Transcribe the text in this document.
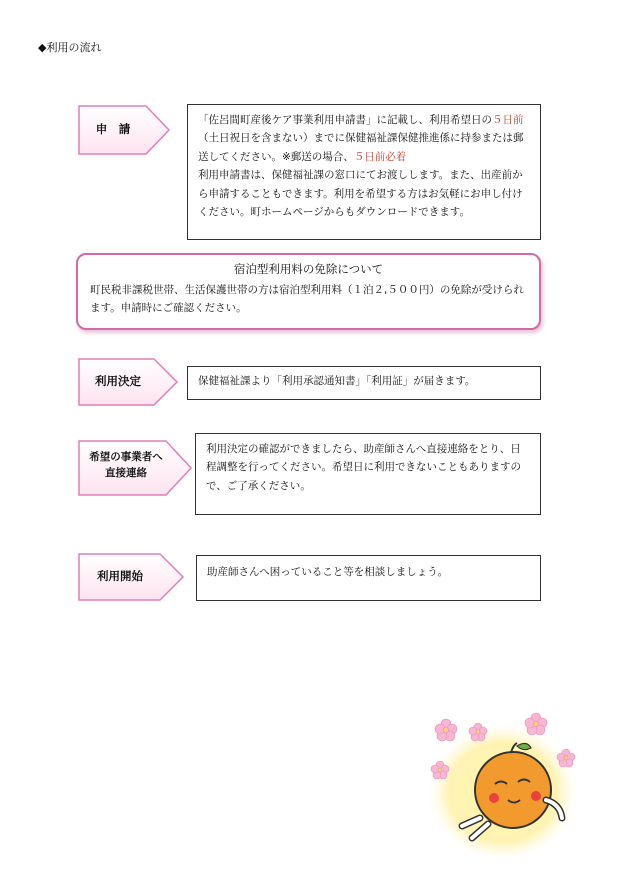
◆利用の流れ
申　請
「佐呂間町産後ケア事業利用申請書」に記載し、利用希望日の５日前（土日祝日を含まない）までに保健福祉課保健推進係に持参または郵送してください。※郵送の場合、５日前必着
利用申請書は、保健福祉課の窓口にてお渡しします。また、出産前から申請することもできます。利用を希望する方はお気軽にお申し付けください。町ホームページからもダウンロードできます。
宿泊型利用料の免除について
町民税非課税世帯、生活保護世帯の方は宿泊型利用料（１泊２,５００円）の免除が受けられます。申請時にご確認ください。
利用決定	保健福祉課より「利用承認通知書」「利用証」が届きます。
希望の事業者へ
直接連絡
利用決定の確認ができましたら、助産師さんへ直接連絡をとり、日程調整を行ってください。希望日に利用できないこともありますので、ご了承ください。
利用開始	助産師さんへ困っていること等を相談しましょう。
